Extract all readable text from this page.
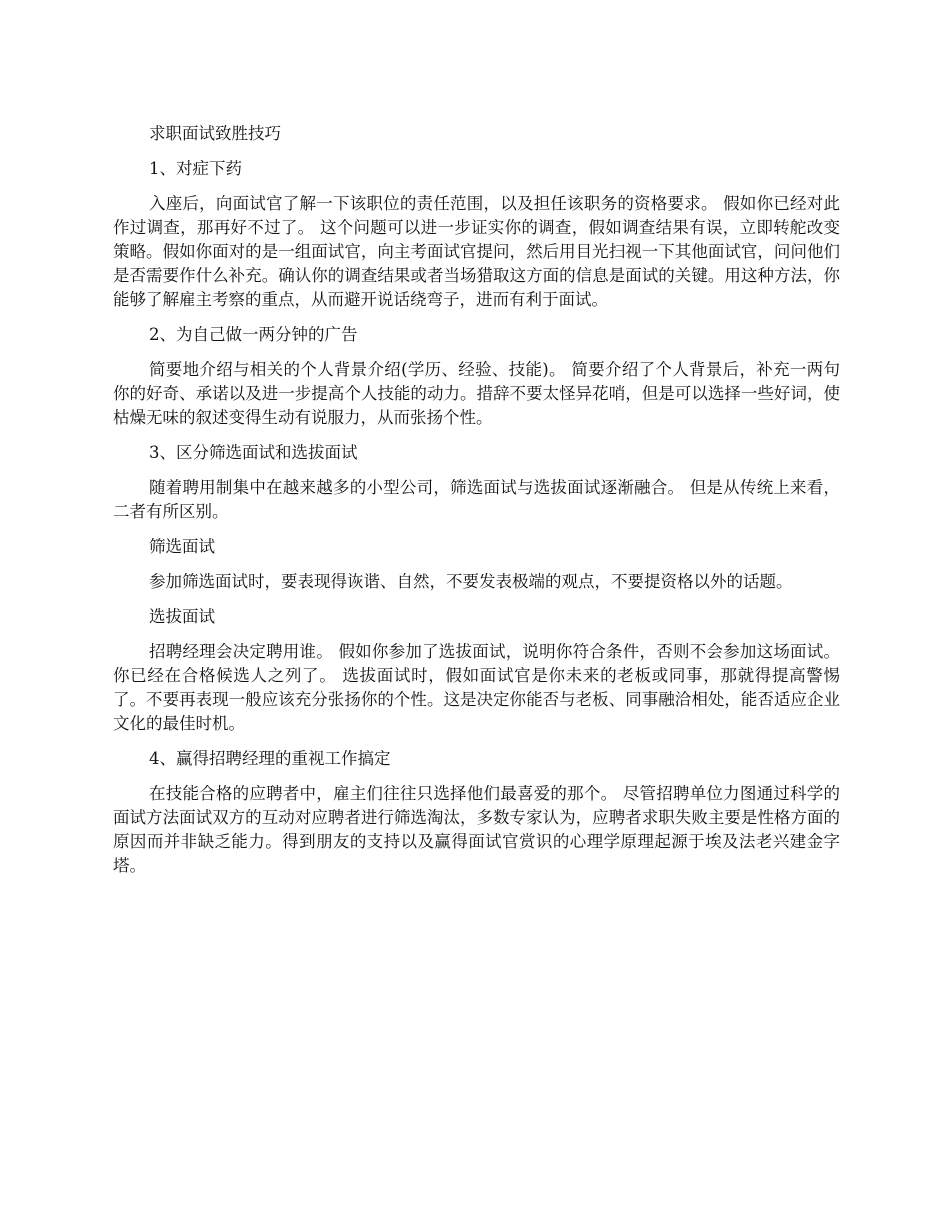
求职面试致胜技巧

1、对症下药

入座后，向面试官了解一下该职位的责任范围，以及担任该职务的资格要求。 假如你已经对此作过调查，那再好不过了。 这个问题可以进一步证实你的调查，假如调查结果有误，立即转舵改变策略。假如你面对的是一组面试官，向主考面试官提问，然后用目光扫视一下其他面试官，问问他们是否需要作什么补充。确认你的调查结果或者当场猎取这方面的信息是面试的关键。用这种方法，你能够了解雇主考察的重点，从而避开说话绕弯子，进而有利于面试。

2、为自己做一两分钟的广告

简要地介绍与相关的个人背景介绍(学历、经验、技能)。 简要介绍了个人背景后，补充一两句你的好奇、承诺以及进一步提高个人技能的动力。措辞不要太怪异花哨，但是可以选择一些好词，使枯燥无味的叙述变得生动有说服力，从而张扬个性。

3、区分筛选面试和选拔面试

随着聘用制集中在越来越多的小型公司，筛选面试与选拔面试逐渐融合。 但是从传统上来看，二者有所区别。

筛选面试

参加筛选面试时，要表现得诙谐、自然，不要发表极端的观点，不要提资格以外的话题。

选拔面试

招聘经理会决定聘用谁。 假如你参加了选拔面试，说明你符合条件，否则不会参加这场面试。 你已经在合格候选人之列了。 选拔面试时，假如面试官是你未来的老板或同事，那就得提高警惕了。不要再表现一般应该充分张扬你的个性。这是决定你能否与老板、同事融洽相处，能否适应企业文化的最佳时机。

4、赢得招聘经理的重视工作搞定

在技能合格的应聘者中，雇主们往往只选择他们最喜爱的那个。 尽管招聘单位力图通过科学的面试方法面试双方的互动对应聘者进行筛选淘汰，多数专家认为，应聘者求职失败主要是性格方面的原因而并非缺乏能力。得到朋友的支持以及赢得面试官赏识的心理学原理起源于埃及法老兴建金字塔。
